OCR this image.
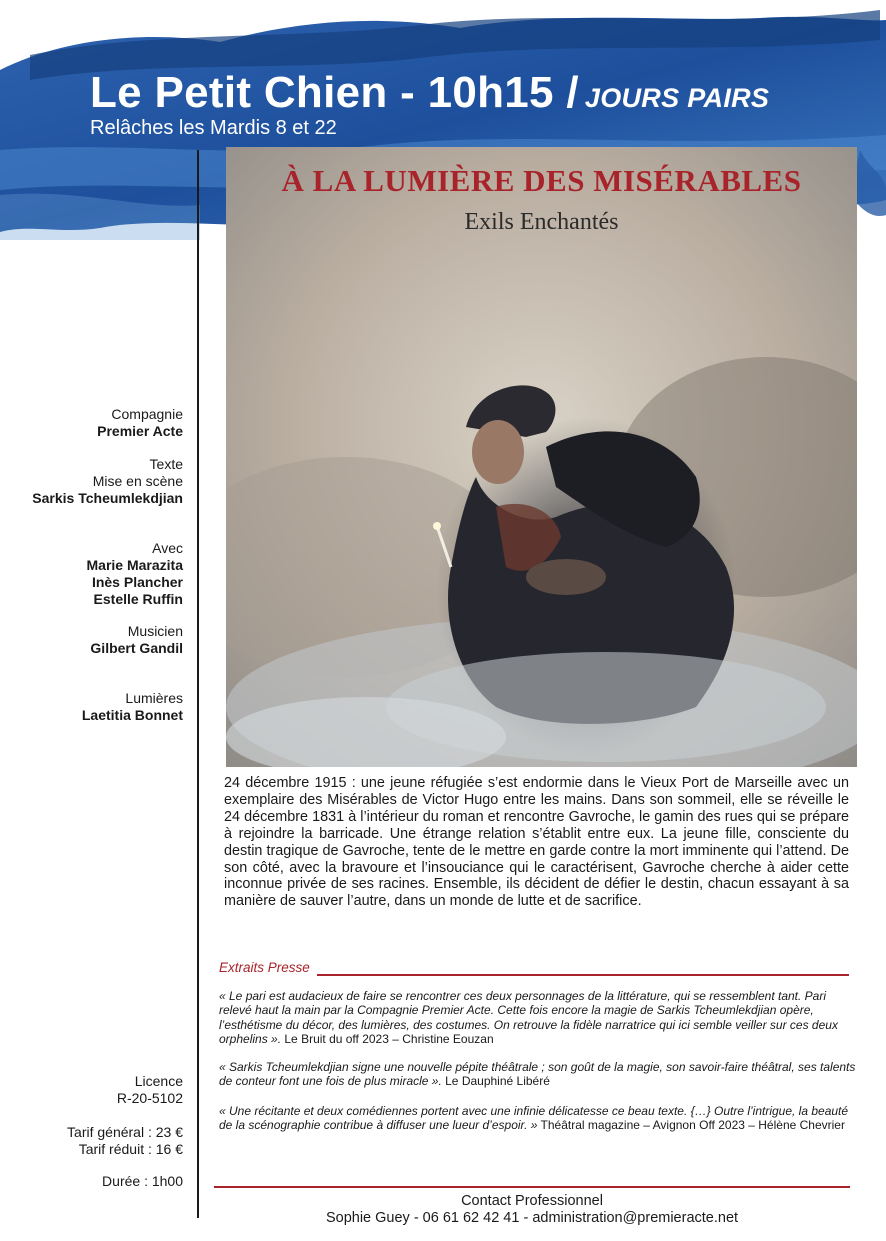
Le Petit Chien - 10h15 / JOURS PAIRS
Relâches les Mardis 8 et 22
À LA LUMIÈRE DES MISÉRABLES
Exils Enchantés
Compagnie
Premier Acte
Texte
Mise en scène
Sarkis Tcheumlekdjian
Avec
Marie Marazita
Inès Plancher
Estelle Ruffin
Musicien
Gilbert Gandil
Lumières
Laetitia Bonnet
Licence
R-20-5102
Tarif général : 23 €
Tarif réduit : 16 €
Durée : 1h00

24 décembre 1915 : une jeune réfugiée s’est endormie dans le Vieux Port de Marseille avec un exemplaire des Misérables de Victor Hugo entre les mains. Dans son sommeil, elle se réveille le 24 décembre 1831 à l’intérieur du roman et rencontre Gavroche, le gamin des rues qui se prépare à rejoindre la barricade. Une étrange relation s’établit entre eux. La jeune fille, consciente du destin tragique de Gavroche, tente de le mettre en garde contre la mort imminente qui l’attend. De son côté, avec la bravoure et l’insouciance qui le caractérisent, Gavroche cherche à aider cette inconnue privée de ses racines. Ensemble, ils décident de défier le destin, chacun essayant à sa manière de sauver l’autre, dans un monde de lutte et de sacrifice.

Extraits Presse

« Le pari est audacieux de faire se rencontrer ces deux personnages de la littérature, qui se ressemblent tant. Pari relevé haut la main par la Compagnie Premier Acte. Cette fois encore la magie de Sarkis Tcheumlekdjian opère, l’esthétisme du décor, des lumières, des costumes. On retrouve la fidèle narratrice qui ici semble veiller sur ces deux orphelins ». Le Bruit du off 2023 – Christine Eouzan

« Sarkis Tcheumlekdjian signe une nouvelle pépite théâtrale ; son goût de la magie, son savoir-faire théâtral, ses talents de conteur font une fois de plus miracle ». Le Dauphiné Libéré

« Une récitante et deux comédiennes portent avec une infinie délicatesse ce beau texte. {…} Outre l’intrigue, la beauté de la scénographie contribue à diffuser une lueur d’espoir. » Théâtral magazine – Avignon Off 2023 – Hélène Chevrier

Contact Professionnel
Sophie Guey - 06 61 62 42 41 - administration@premieracte.net
